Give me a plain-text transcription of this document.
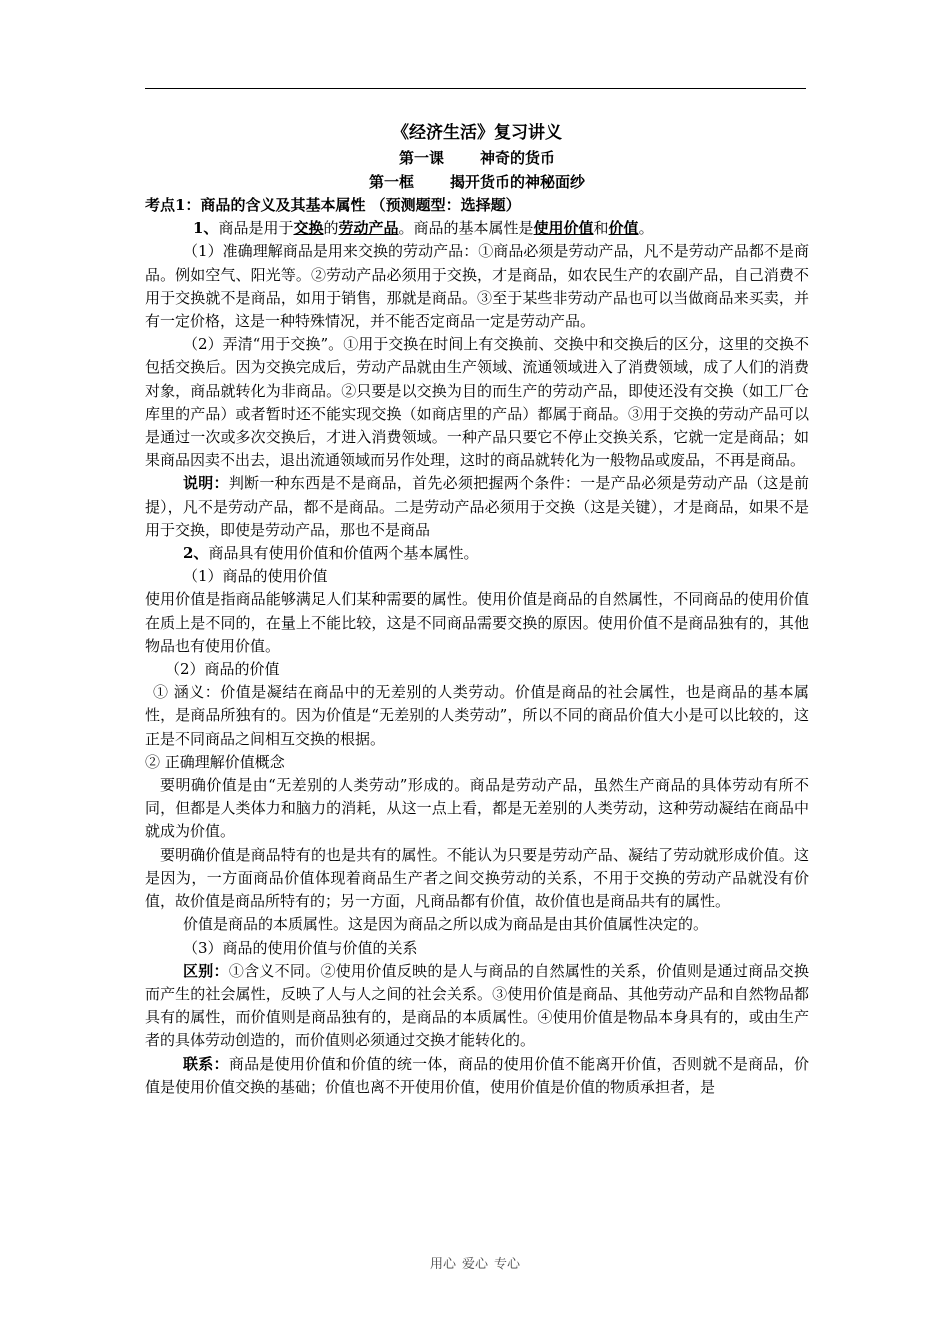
《经济生活》复习讲义
第一课 神奇的货币
第一框 揭开货币的神秘面纱

考点1：商品的含义及其基本属性 （预测题型：选择题）

1、商品是用于交换的劳动产品。商品的基本属性是使用价值和价值。

（1）准确理解商品是用来交换的劳动产品：①商品必须是劳动产品，凡不是劳动产品都不是商品。例如空气、阳光等。②劳动产品必须用于交换，才是商品，如农民生产的农副产品，自己消费不用于交换就不是商品，如用于销售，那就是商品。③至于某些非劳动产品也可以当做商品来买卖，并有一定价格，这是一种特殊情况，并不能否定商品一定是劳动产品。

（2）弄清“用于交换”。①用于交换在时间上有交换前、交换中和交换后的区分，这里的交换不包括交换后。因为交换完成后，劳动产品就由生产领域、流通领域进入了消费领域，成了人们的消费对象，商品就转化为非商品。②只要是以交换为目的而生产的劳动产品，即使还没有交换（如工厂仓库里的产品）或者暂时还不能实现交换（如商店里的产品）都属于商品。③用于交换的劳动产品可以是通过一次或多次交换后，才进入消费领域。一种产品只要它不停止交换关系，它就一定是商品；如果商品因卖不出去，退出流通领域而另作处理，这时的商品就转化为一般物品或废品，不再是商品。

说明：判断一种东西是不是商品，首先必须把握两个条件：一是产品必须是劳动产品（这是前提），凡不是劳动产品，都不是商品。二是劳动产品必须用于交换（这是关键），才是商品，如果不是用于交换，即使是劳动产品，那也不是商品

2、商品具有使用价值和价值两个基本属性。

（1）商品的使用价值

使用价值是指商品能够满足人们某种需要的属性。使用价值是商品的自然属性，不同商品的使用价值在质上是不同的，在量上不能比较，这是不同商品需要交换的原因。使用价值不是商品独有的，其他物品也有使用价值。

（2）商品的价值

① 涵义：价值是凝结在商品中的无差别的人类劳动。价值是商品的社会属性，也是商品的基本属性，是商品所独有的。因为价值是“无差别的人类劳动”，所以不同的商品价值大小是可以比较的，这正是不同商品之间相互交换的根据。

② 正确理解价值概念

要明确价值是由“无差别的人类劳动”形成的。商品是劳动产品，虽然生产商品的具体劳动有所不同，但都是人类体力和脑力的消耗，从这一点上看，都是无差别的人类劳动，这种劳动凝结在商品中就成为价值。

要明确价值是商品特有的也是共有的属性。不能认为只要是劳动产品、凝结了劳动就形成价值。这是因为，一方面商品价值体现着商品生产者之间交换劳动的关系，不用于交换的劳动产品就没有价值，故价值是商品所特有的；另一方面，凡商品都有价值，故价值也是商品共有的属性。

价值是商品的本质属性。这是因为商品之所以成为商品是由其价值属性决定的。

（3）商品的使用价值与价值的关系

区别：①含义不同。②使用价值反映的是人与商品的自然属性的关系，价值则是通过商品交换而产生的社会属性，反映了人与人之间的社会关系。③使用价值是商品、其他劳动产品和自然物品都具有的属性，而价值则是商品独有的，是商品的本质属性。④使用价值是物品本身具有的，或由生产者的具体劳动创造的，而价值则必须通过交换才能转化的。

联系：商品是使用价值和价值的统一体，商品的使用价值不能离开价值，否则就不是商品，价值是使用价值交换的基础；价值也离不开使用价值，使用价值是价值的物质承担者，是

用心 爱心 专心
